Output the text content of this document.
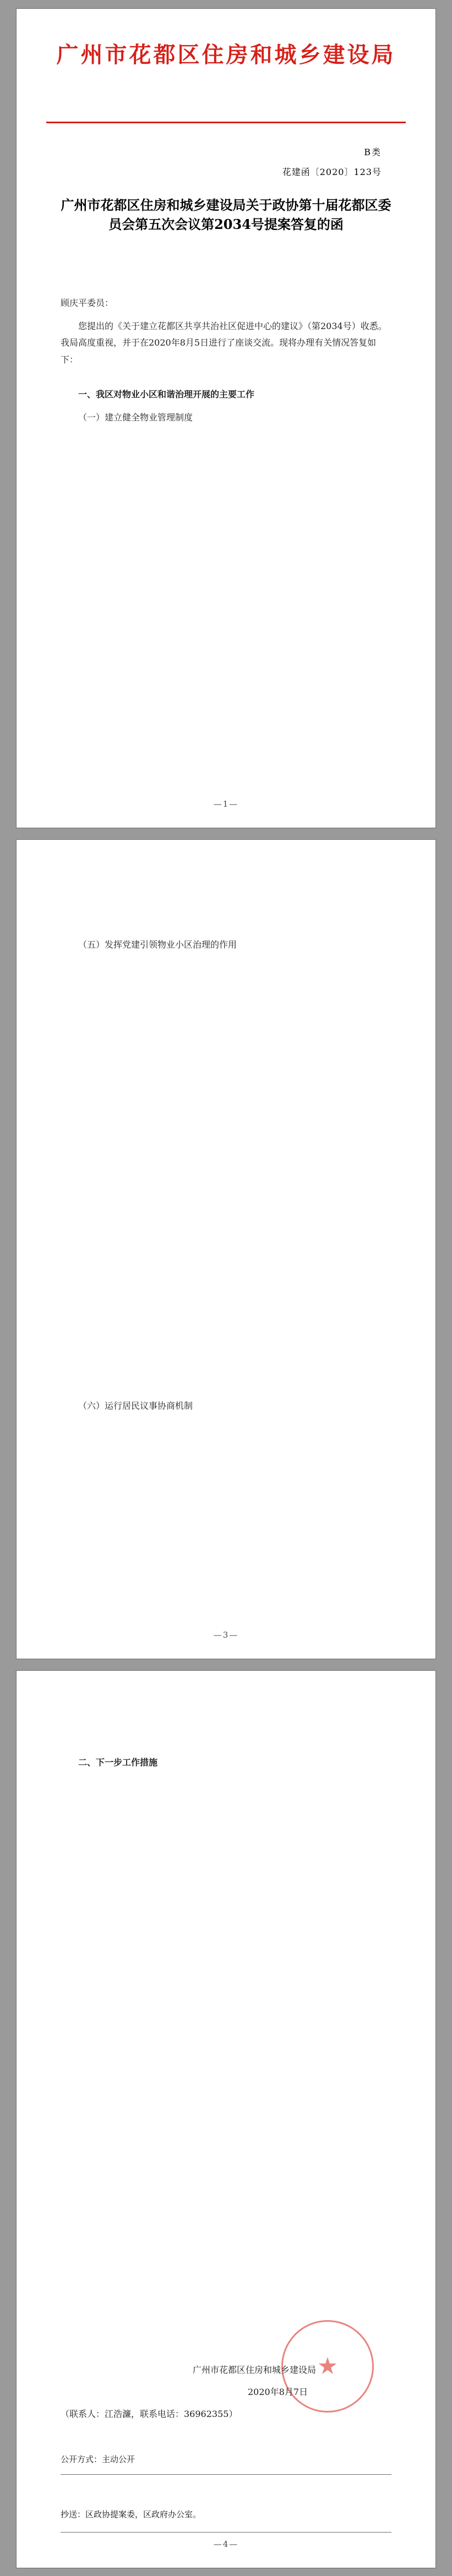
广州市花都区住房和城乡建设局
B类
花建函〔2020〕123号
广州市花都区住房和城乡建设局关于政协第十届花都区委员会第五次会议第2034号提案答复的函
顾庆平委员：
您提出的《关于建立花都区共享共治社区促进中心的建议》（第2034号）收悉。我局高度重视，并于在2020年8月5日进行了座谈交流。现将办理有关情况答复如下：
一、我区对物业小区和谐治理开展的主要工作
（一）建立健全物业管理制度
—1—
（五）发挥党建引领物业小区治理的作用
（六）运行居民议事协商机制
—3—
二、下一步工作措施
广州市花都区住房和城乡建设局
2020年8月7日
（联系人：江浩濂，联系电话：36962355）
公开方式：主动公开
抄送：区政协提案委，区政府办公室。
—4—
